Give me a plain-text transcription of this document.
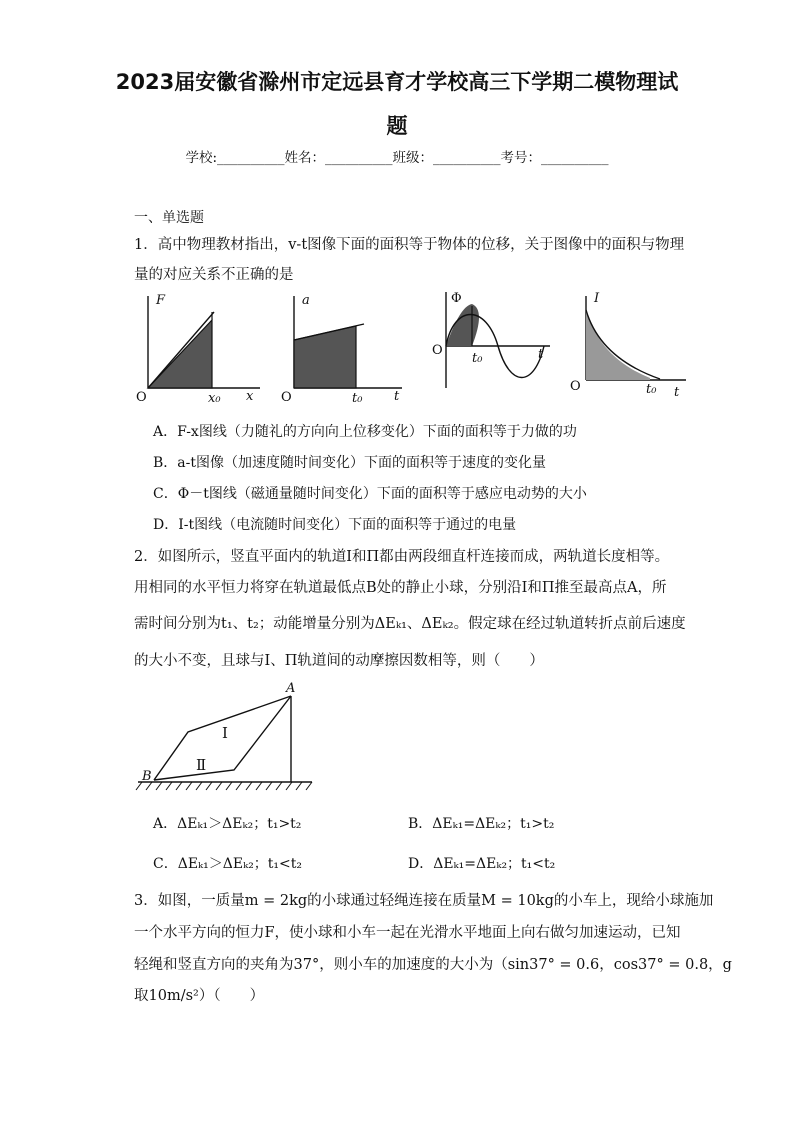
2023届安徽省滁州市定远县育才学校高三下学期二模物理试
题
学校:__________姓名：__________班级：__________考号：__________
一、单选题
1．高中物理教材指出，v-t图像下面的面积等于物体的位移，关于图像中的面积与物理
量的对应关系不正确的是
F
O	x₀ x
a
O	t₀ t
Φ
O
t₀	t
I
O	t₀ t
A．F-x图线（力随礼的方向向上位移变化）下面的面积等于力做的功
B．a-t图像（加速度随时间变化）下面的面积等于速度的变化量
C．Φ－t图线（磁通量随时间变化）下面的面积等于感应电动势的大小
D．I-t图线（电流随时间变化）下面的面积等于通过的电量
2．如图所示，竖直平面内的轨道Ⅰ和Π都由两段细直杆连接而成，两轨道长度相等。
用相同的水平恒力将穿在轨道最低点B处的静止小球，分别沿Ⅰ和Π推至最高点A，所
需时间分别为t₁、t₂；动能增量分别为ΔEₖ₁、ΔEₖ₂。假定球在经过轨道转折点前后速度
的大小不变，且球与Ⅰ、Π轨道间的动摩擦因数相等，则（　　）
A
B
Ⅰ
Ⅱ
A．ΔEₖ₁＞ΔEₖ₂；t₁>t₂	B．ΔEₖ₁=ΔEₖ₂；t₁>t₂
C．ΔEₖ₁＞ΔEₖ₂；t₁<t₂	D．ΔEₖ₁=ΔEₖ₂；t₁<t₂
3．如图，一质量m = 2kg的小球通过轻绳连接在质量M = 10kg的小车上，现给小球施加
一个水平方向的恒力F，使小球和小车一起在光滑水平地面上向右做匀加速运动，已知
轻绳和竖直方向的夹角为37°，则小车的加速度的大小为（sin37° = 0.6，cos37° = 0.8，g
取10m/s²）（　　）
